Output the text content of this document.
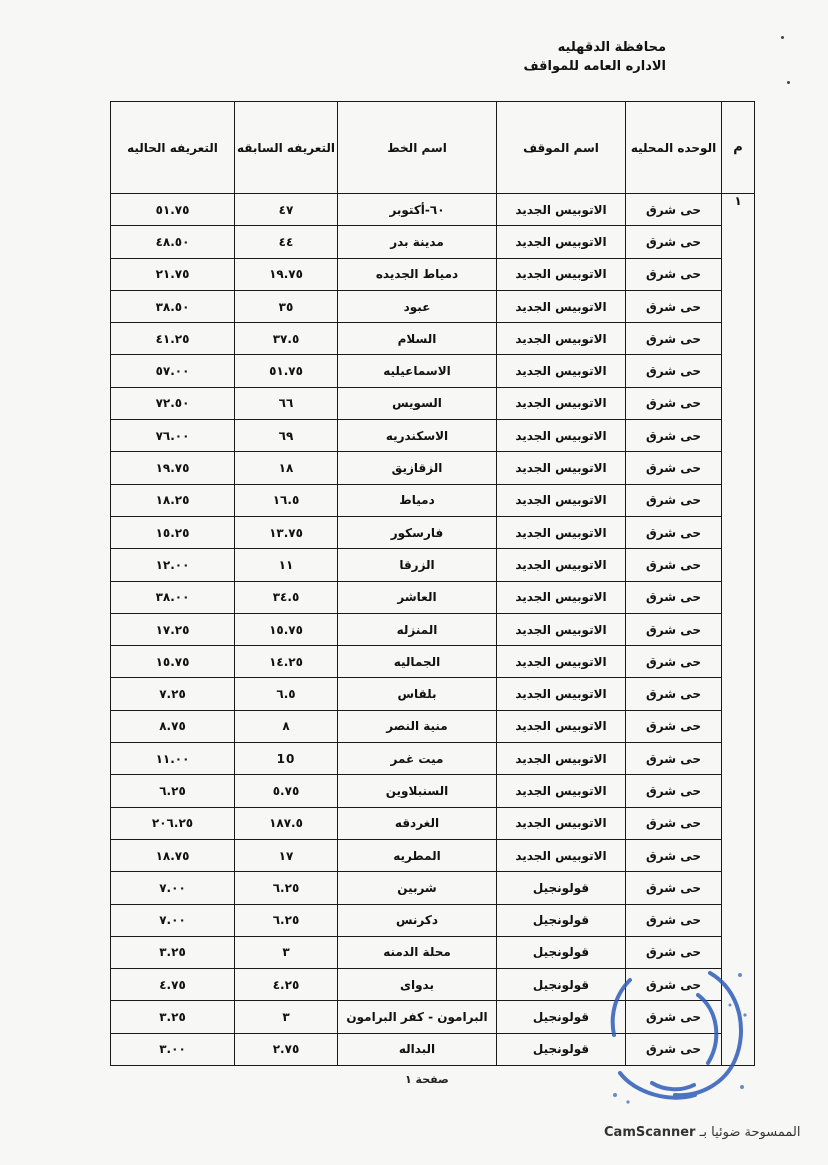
محافظة الدقهليه
الاداره العامه للمواقف
م	الوحده المحليه	اسم الموقف	اسم الخط	التعريفه السابقه	التعريفه الحاليه
١	حى شرق	الاتوبيس الجديد	٦٠-أكتوبر	٤٧	٥١.٧٥
	حى شرق	الاتوبيس الجديد	مدينة بدر	٤٤	٤٨.٥٠
	حى شرق	الاتوبيس الجديد	دمياط الجديده	١٩.٧٥	٢١.٧٥
	حى شرق	الاتوبيس الجديد	عبود	٣٥	٣٨.٥٠
	حى شرق	الاتوبيس الجديد	السلام	٣٧.٥	٤١.٢٥
	حى شرق	الاتوبيس الجديد	الاسماعيليه	٥١.٧٥	٥٧.٠٠
	حى شرق	الاتوبيس الجديد	السويس	٦٦	٧٢.٥٠
	حى شرق	الاتوبيس الجديد	الاسكندريه	٦٩	٧٦.٠٠
	حى شرق	الاتوبيس الجديد	الزقازيق	١٨	١٩.٧٥
	حى شرق	الاتوبيس الجديد	دمياط	١٦.٥	١٨.٢٥
	حى شرق	الاتوبيس الجديد	فارسكور	١٣.٧٥	١٥.٢٥
	حى شرق	الاتوبيس الجديد	الزرقا	١١	١٢.٠٠
	حى شرق	الاتوبيس الجديد	العاشر	٣٤.٥	٣٨.٠٠
	حى شرق	الاتوبيس الجديد	المنزله	١٥.٧٥	١٧.٢٥
	حى شرق	الاتوبيس الجديد	الجماليه	١٤.٢٥	١٥.٧٥
	حى شرق	الاتوبيس الجديد	بلقاس	٦.٥	٧.٢٥
	حى شرق	الاتوبيس الجديد	منية النصر	٨	٨.٧٥
	حى شرق	الاتوبيس الجديد	ميت غمر	10	١١.٠٠
	حى شرق	الاتوبيس الجديد	السنبلاوين	٥.٧٥	٦.٢٥
	حى شرق	الاتوبيس الجديد	الغردقه	١٨٧.٥	٢٠٦.٢٥
	حى شرق	الاتوبيس الجديد	المطريه	١٧	١٨.٧٥
	حى شرق	قولونجيل	شربين	٦.٢٥	٧.٠٠
	حى شرق	قولونجيل	دكرنس	٦.٢٥	٧.٠٠
	حى شرق	قولونجيل	محلة الدمنه	٣	٣.٢٥
	حى شرق	قولونجيل	بدواى	٤.٢٥	٤.٧٥
	حى شرق	قولونجيل	البرامون - كفر البرامون	٣	٣.٢٥
	حى شرق	قولونجيل	البداله	٢.٧٥	٣.٠٠
صفحة ١
CamScanner الممسوحة ضوئيا بـ
